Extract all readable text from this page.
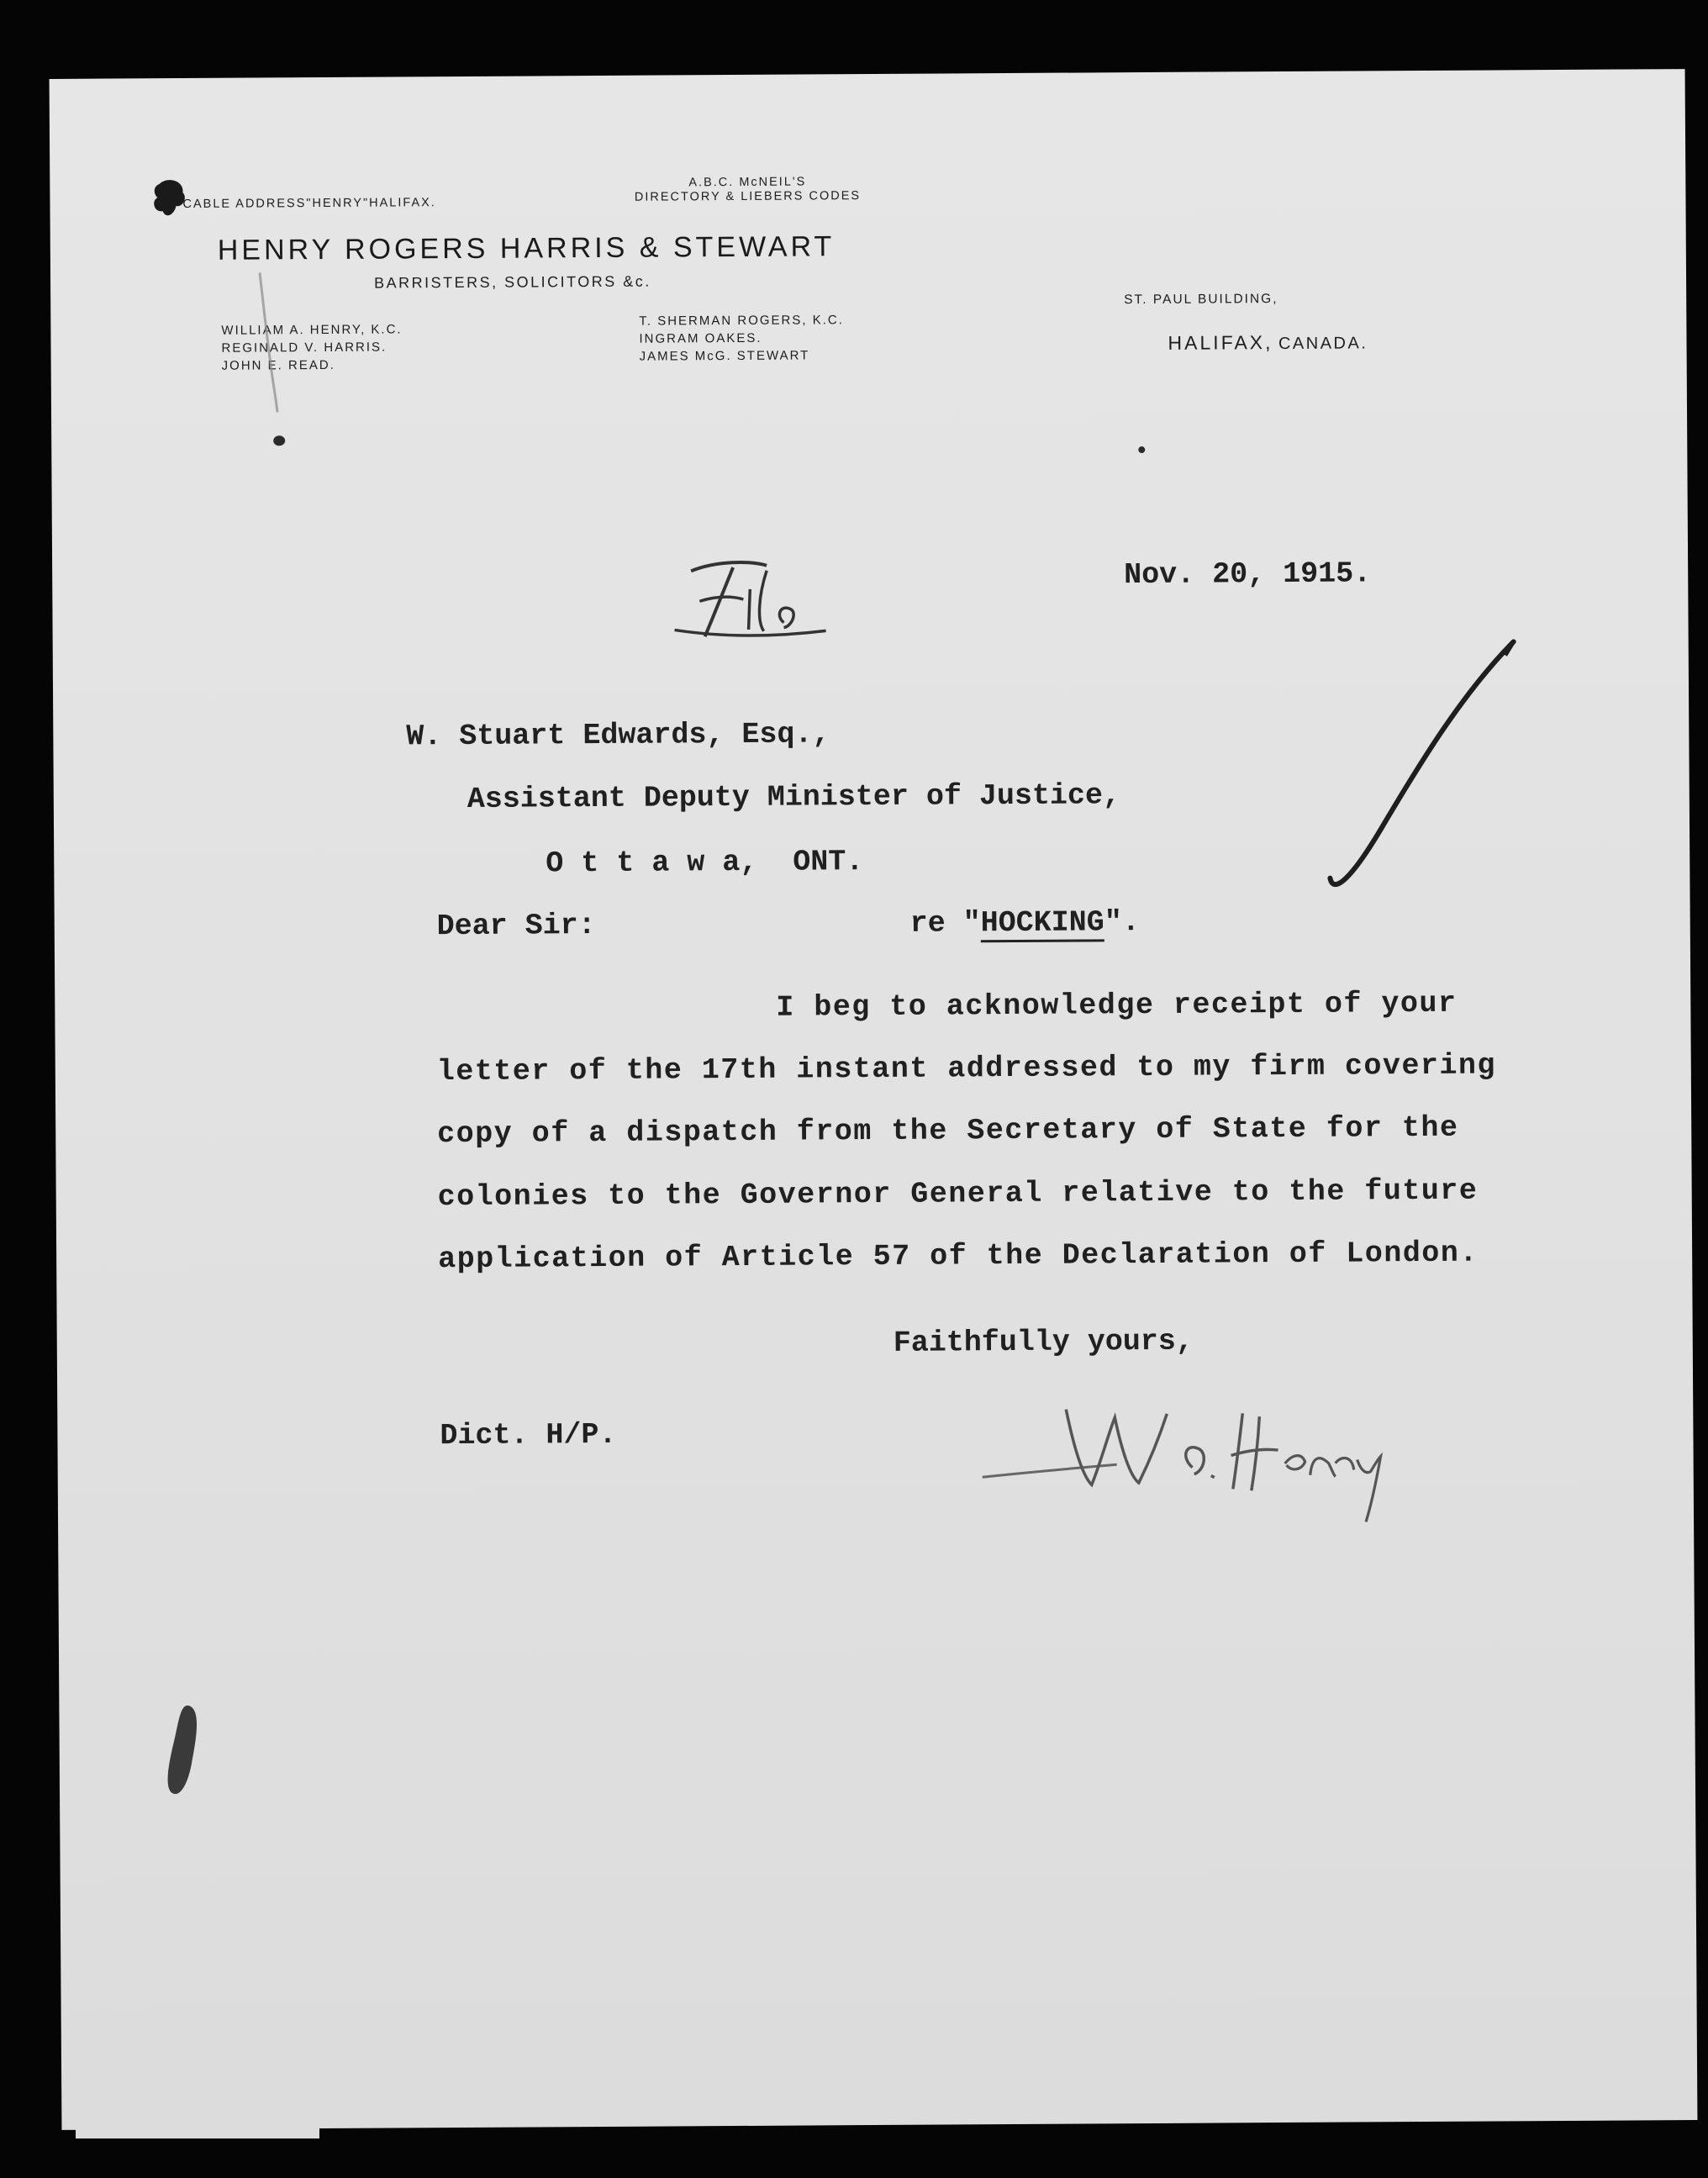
CABLE ADDRESS"HENRY"HALIFAX.
A.B.C. McNEIL'S
DIRECTORY & LIEBERS CODES
HENRY ROGERS HARRIS & STEWART
BARRISTERS, SOLICITORS &c.
WILLIAM A. HENRY, K.C.
REGINALD V. HARRIS.
JOHN E. READ.
T. SHERMAN ROGERS, K.C.
INGRAM OAKES.
JAMES McG. STEWART
ST. PAUL BUILDING,
HALIFAX, CANADA.
Nov. 20, 1915.
W. Stuart Edwards, Esq.,
Assistant Deputy Minister of Justice,
O t t a w a, ONT.
Dear Sir:	re "HOCKING".
I beg to acknowledge receipt of your
letter of the 17th instant addressed to my firm covering
copy of a dispatch from the Secretary of State for the
colonies to the Governor General relative to the future
application of Article 57 of the Declaration of London.
Faithfully yours,
Dict. H/P.
